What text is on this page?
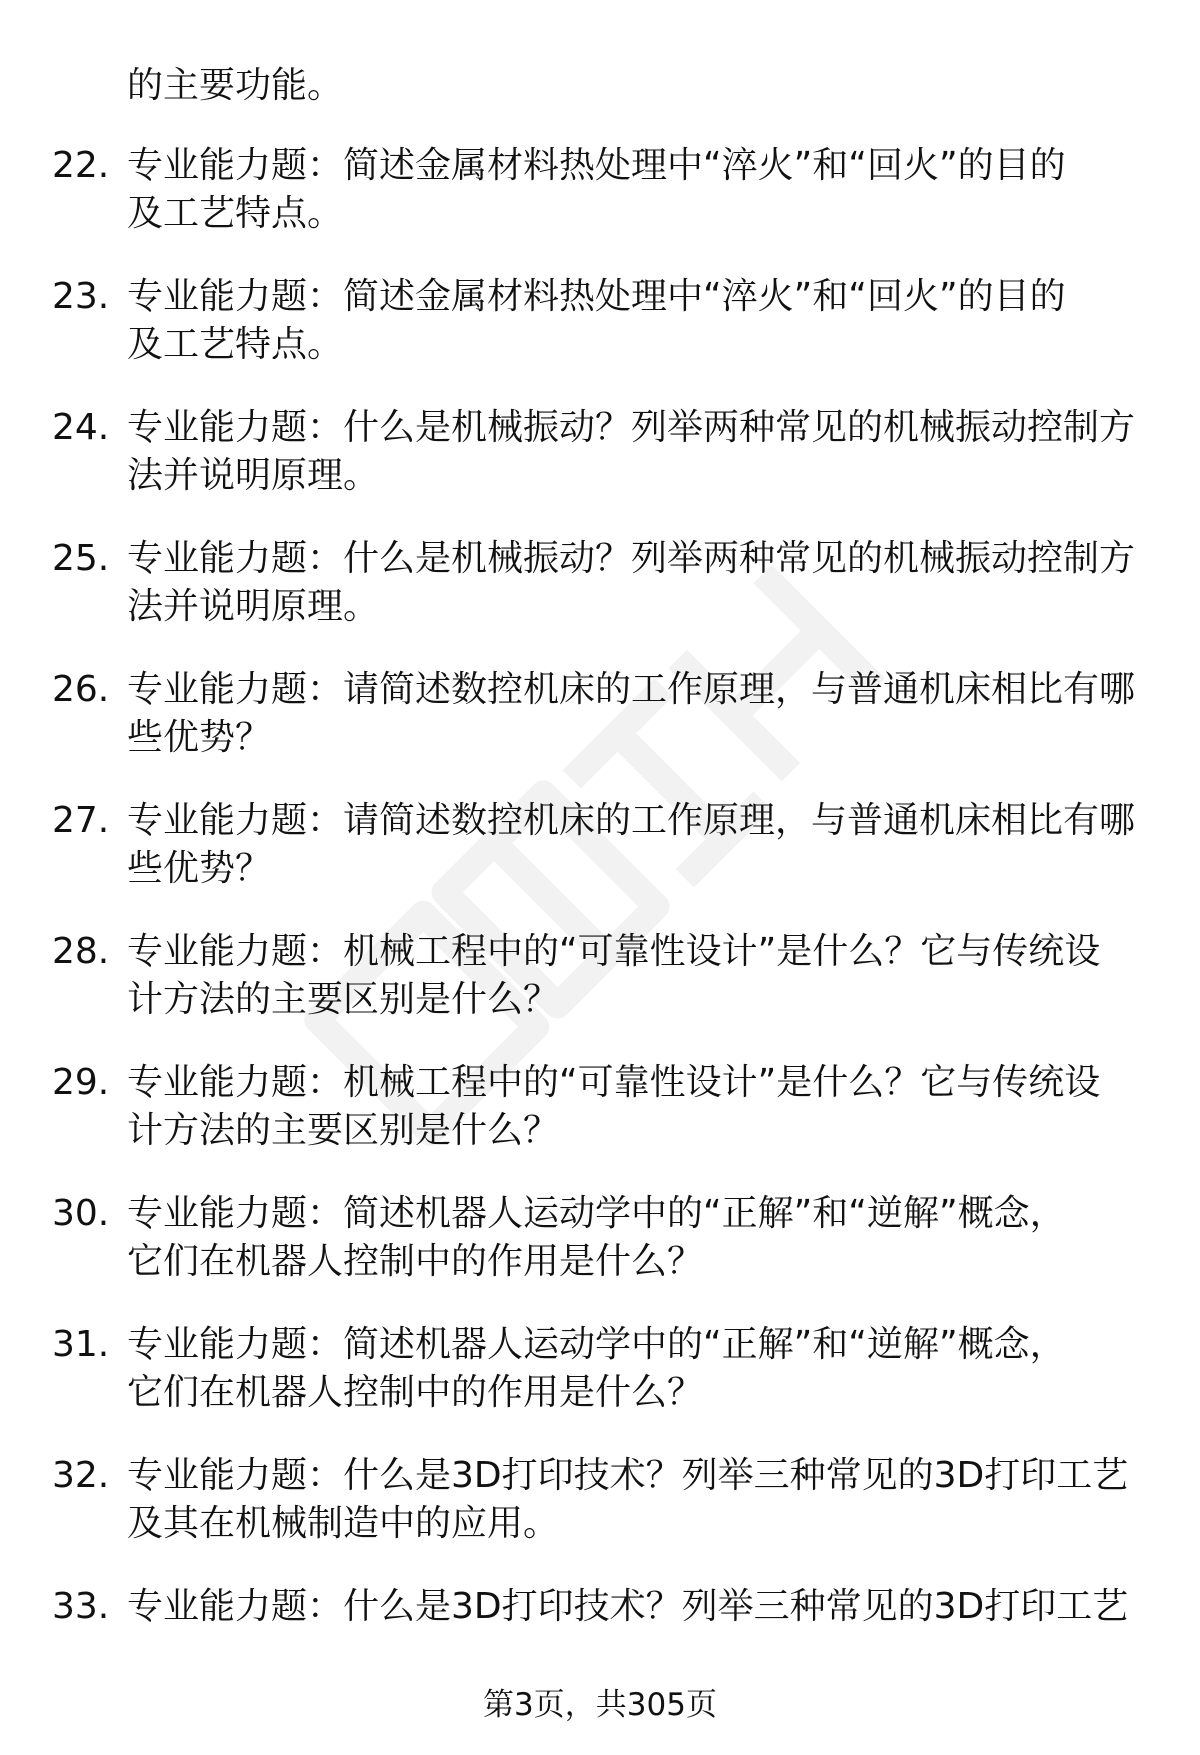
的主要功能。
22. 专业能力题：简述金属材料热处理中“淬火”和“回火”的目的
及工艺特点。
23. 专业能力题：简述金属材料热处理中“淬火”和“回火”的目的
及工艺特点。
24. 专业能力题：什么是机械振动？列举两种常见的机械振动控制方
法并说明原理。
25. 专业能力题：什么是机械振动？列举两种常见的机械振动控制方
法并说明原理。
26. 专业能力题：请简述数控机床的工作原理，与普通机床相比有哪
些优势？
27. 专业能力题：请简述数控机床的工作原理，与普通机床相比有哪
些优势？
28. 专业能力题：机械工程中的“可靠性设计”是什么？它与传统设
计方法的主要区别是什么？
29. 专业能力题：机械工程中的“可靠性设计”是什么？它与传统设
计方法的主要区别是什么？
30. 专业能力题：简述机器人运动学中的“正解”和“逆解”概念，
它们在机器人控制中的作用是什么？
31. 专业能力题：简述机器人运动学中的“正解”和“逆解”概念，
它们在机器人控制中的作用是什么？
32. 专业能力题：什么是3D打印技术？列举三种常见的3D打印工艺
及其在机械制造中的应用。
33. 专业能力题：什么是3D打印技术？列举三种常见的3D打印工艺
第3页，共305页
